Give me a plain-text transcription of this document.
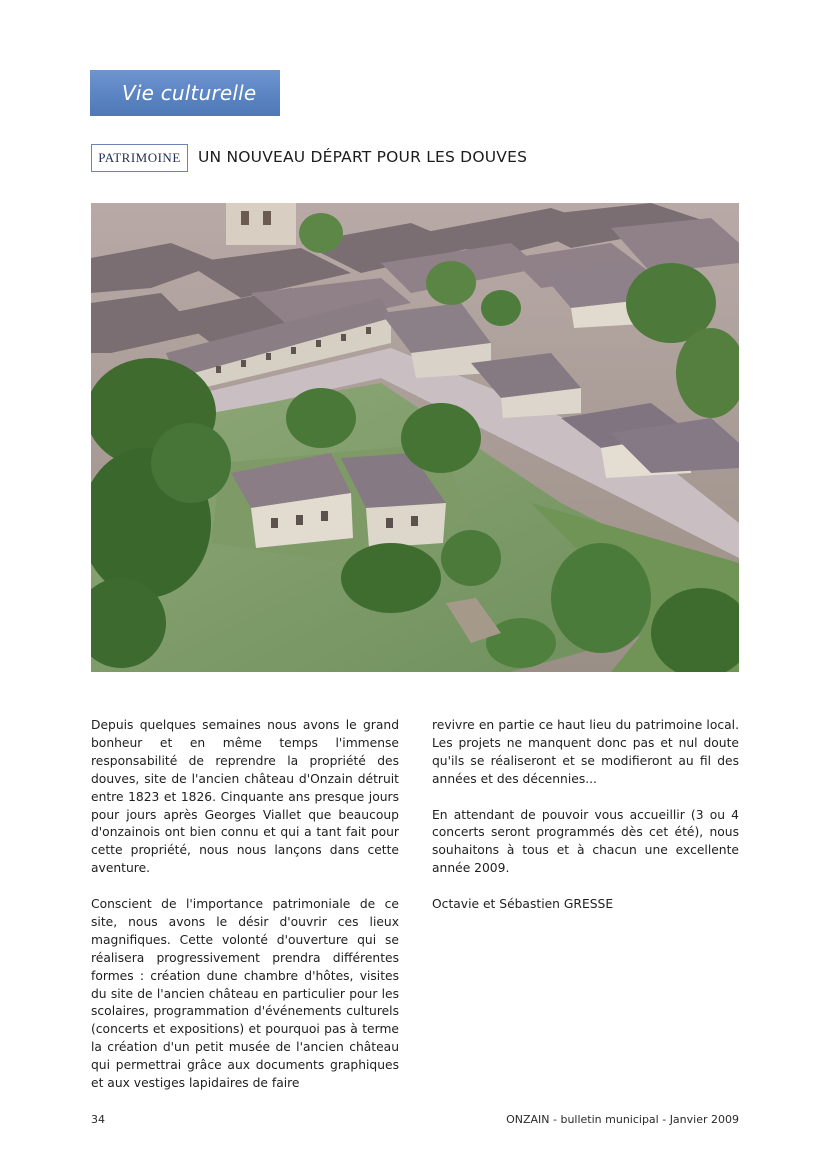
Vie culturelle
PATRIMOINE	UN NOUVEAU DÉPART POUR LES DOUVES

Depuis quelques semaines nous avons le grand bonheur et en même temps l'immense responsabilité de reprendre la propriété des douves, site de l'ancien château d'Onzain détruit entre 1823 et 1826. Cinquante ans presque jours pour jours après Georges Viallet que beaucoup d'onzainois ont bien connu et qui a tant fait pour cette propriété, nous nous lançons dans cette aventure.

Conscient de l'importance patrimoniale de ce site, nous avons le désir d'ouvrir ces lieux magnifiques. Cette volonté d'ouverture qui se réalisera progressivement prendra différentes formes : création dune chambre d'hôtes, visites du site de l'ancien château en particulier pour les scolaires, programmation d'événements culturels (concerts et expositions) et pourquoi pas à terme la création d'un petit musée de l'ancien château qui permettrai grâce aux documents graphiques et aux vestiges lapidaires de faire

revivre en partie ce haut lieu du patrimoine local. Les projets ne manquent donc pas et nul doute qu'ils se réaliseront et se modifieront au fil des années et des décennies...

En attendant de pouvoir vous accueillir (3 ou 4 concerts seront programmés dès cet été), nous souhaitons à tous et à chacun une excellente année 2009.

Octavie et Sébastien GRESSE

34	ONZAIN - bulletin municipal - Janvier 2009
